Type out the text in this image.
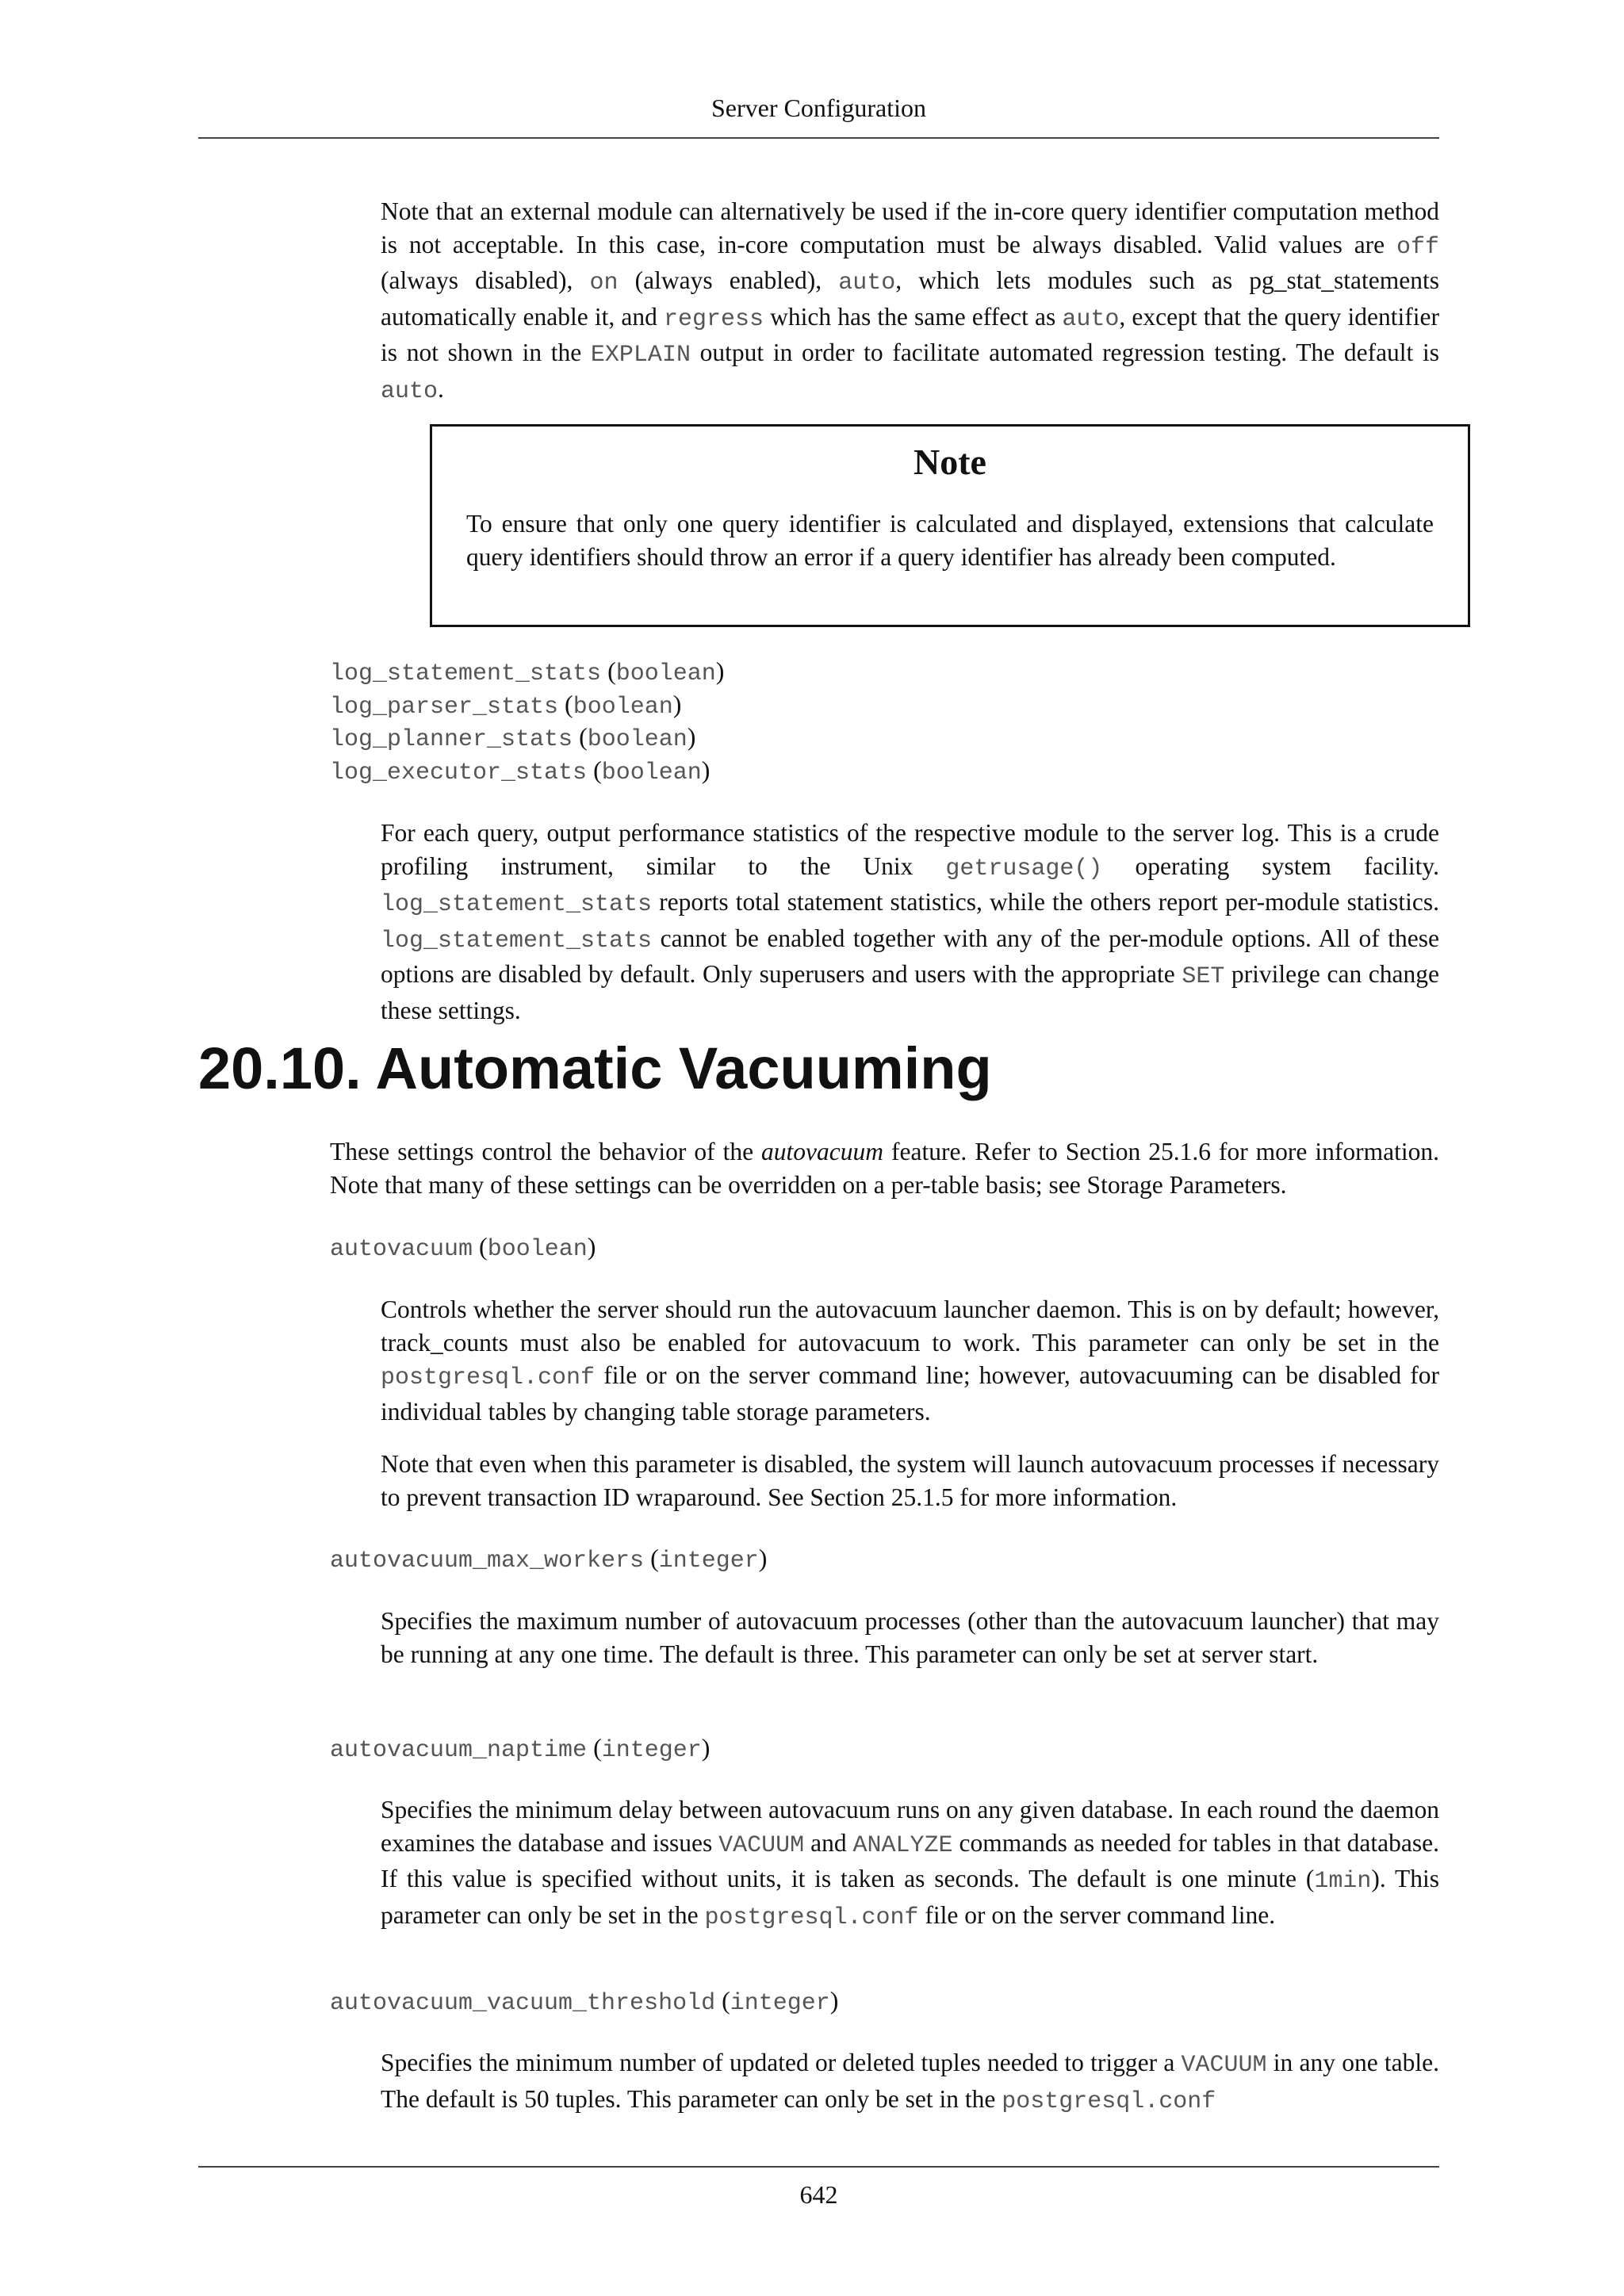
Server Configuration

Note that an external module can alternatively be used if the in-core query identifier computation method is not acceptable. In this case, in-core computation must be always disabled. Valid values are off (always disabled), on (always enabled), auto, which lets modules such as pg_stat_statements automatically enable it, and regress which has the same effect as auto, except that the query identifier is not shown in the EXPLAIN output in order to facilitate automated regression testing. The default is auto.

Note
To ensure that only one query identifier is calculated and displayed, extensions that calculate query identifiers should throw an error if a query identifier has already been computed.
log_statement_stats (boolean)
log_parser_stats (boolean)
log_planner_stats (boolean)
log_executor_stats (boolean)

For each query, output performance statistics of the respective module to the server log. This is a crude profiling instrument, similar to the Unix getrusage() operating system facility. log_statement_stats reports total statement statistics, while the others report per-module statistics. log_statement_stats cannot be enabled together with any of the per-module options. All of these options are disabled by default. Only superusers and users with the appropriate SET privilege can change these settings.

20.10. Automatic Vacuuming

These settings control the behavior of the autovacuum feature. Refer to Section 25.1.6 for more information. Note that many of these settings can be overridden on a per-table basis; see Storage Parameters.

autovacuum (boolean)

Controls whether the server should run the autovacuum launcher daemon. This is on by default; however, track_counts must also be enabled for autovacuum to work. This parameter can only be set in the postgresql.conf file or on the server command line; however, autovacuuming can be disabled for individual tables by changing table storage parameters.

Note that even when this parameter is disabled, the system will launch autovacuum processes if necessary to prevent transaction ID wraparound. See Section 25.1.5 for more information.

autovacuum_max_workers (integer)

Specifies the maximum number of autovacuum processes (other than the autovacuum launcher) that may be running at any one time. The default is three. This parameter can only be set at server start.

autovacuum_naptime (integer)

Specifies the minimum delay between autovacuum runs on any given database. In each round the daemon examines the database and issues VACUUM and ANALYZE commands as needed for tables in that database. If this value is specified without units, it is taken as seconds. The default is one minute (1min). This parameter can only be set in the postgresql.conf file or on the server command line.

autovacuum_vacuum_threshold (integer)

Specifies the minimum number of updated or deleted tuples needed to trigger a VACUUM in any one table. The default is 50 tuples. This parameter can only be set in the postgresql.conf

642
